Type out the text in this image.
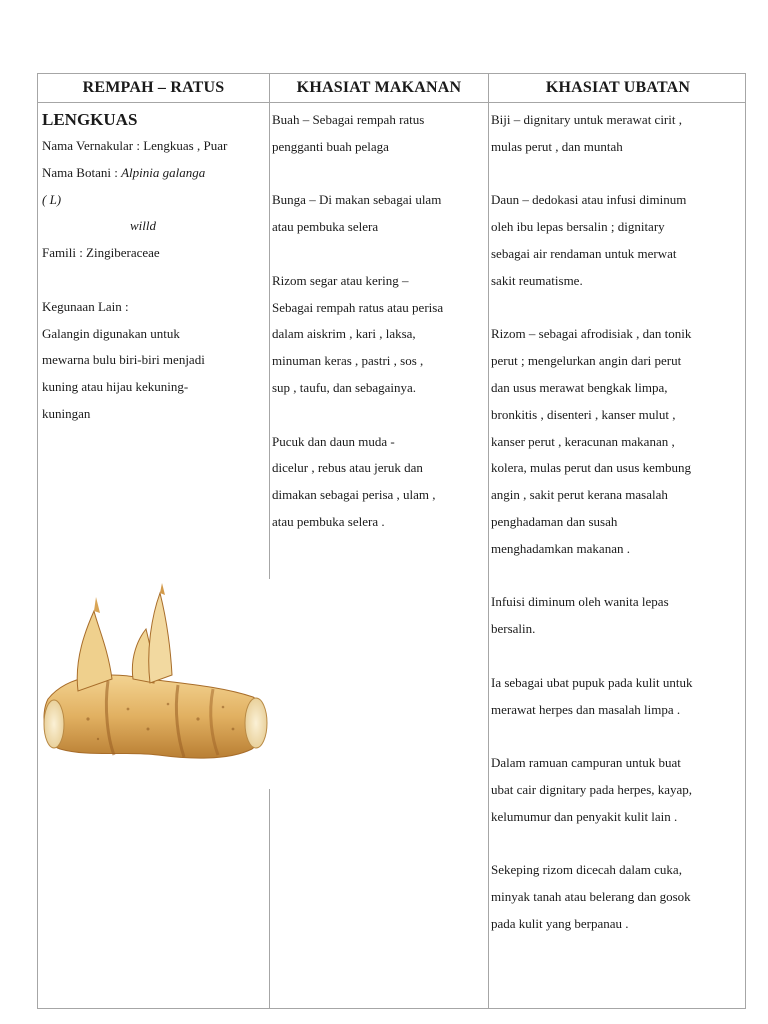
REMPAH – RATUS	KHASIAT MAKANAN	KHASIAT UBATAN
LENGKUAS
Nama Vernakular : Lengkuas , Puar
Nama Botani : Alpinia galanga
( L)
willd
Famili : Zingiberaceae
Kegunaan Lain :
Galangin digunakan untuk
mewarna bulu biri-biri menjadi
kuning atau hijau kekuning-
kuningan
Buah – Sebagai rempah ratus
pengganti buah pelaga
Bunga – Di makan sebagai ulam
atau pembuka selera
Rizom segar atau kering –
Sebagai rempah ratus atau perisa
dalam aiskrim , kari , laksa,
minuman keras , pastri , sos ,
sup , taufu, dan sebagainya.
Pucuk dan daun muda -
dicelur , rebus atau jeruk dan
dimakan sebagai perisa , ulam ,
atau pembuka selera .
Biji – dignitary untuk merawat cirit ,
mulas perut , dan muntah
Daun – dedokasi atau infusi diminum
oleh ibu lepas bersalin ; dignitary
sebagai air rendaman untuk merwat
sakit reumatisme.
Rizom – sebagai afrodisiak , dan tonik
perut ; mengelurkan angin dari perut
dan usus merawat bengkak limpa,
bronkitis , disenteri , kanser mulut ,
kanser perut , keracunan makanan ,
kolera, mulas perut dan usus kembung
angin , sakit perut kerana masalah
penghadaman dan susah
menghadamkan makanan .
Infuisi diminum oleh wanita lepas
bersalin.
Ia sebagai ubat pupuk pada kulit untuk
merawat herpes dan masalah limpa .
Dalam ramuan campuran untuk buat
ubat cair dignitary pada herpes, kayap,
kelumumur dan penyakit kulit lain .
Sekeping rizom dicecah dalam cuka,
minyak tanah atau belerang dan gosok
pada kulit yang berpanau .
